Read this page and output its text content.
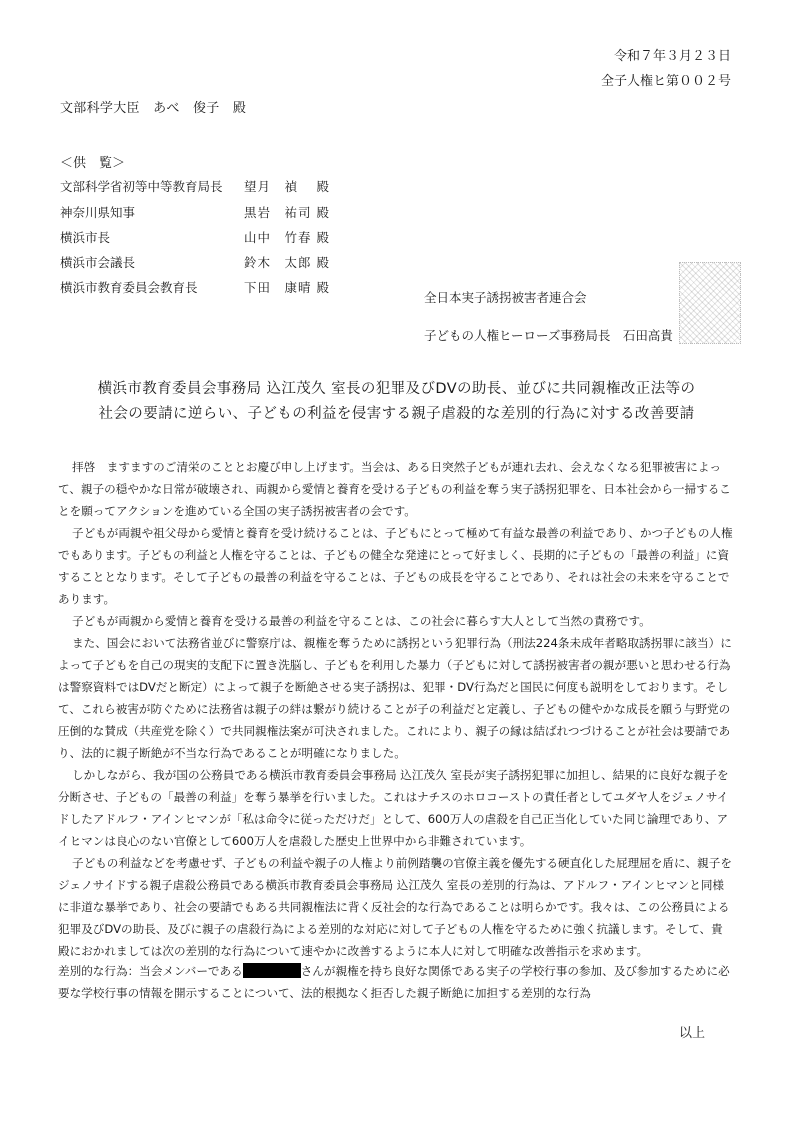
令和７年３月２３日
全子人権ヒ第００２号
文部科学大臣　あべ　俊子　殿
＜供　覧＞
文部科学省初等中等教育局長 望月　禎　 殿
神奈川県知事	黒岩　祐司 殿
横浜市長	山中　竹春 殿
横浜市会議長	鈴木　太郎 殿
横浜市教育委員会教育長	下田　康晴 殿
全日本実子誘拐被害者連合会
子どもの人権ヒーローズ事務局長　石田高貴
横浜市教育委員会事務局 込江茂久 室長の犯罪及びDVの助長、並びに共同親権改正法等の
社会の要請に逆らい、子どもの利益を侵害する親子虐殺的な差別的行為に対する改善要請

拝啓　ますますのご清栄のこととお慶び申し上げます。当会は、ある日突然子どもが連れ去れ、会えなくなる犯罪被害によって、親子の穏やかな日常が破壊され、両親から愛情と養育を受ける子どもの利益を奪う実子誘拐犯罪を、日本社会から一掃することを願ってアクションを進めている全国の実子誘拐被害者の会です。

子どもが両親や祖父母から愛情と養育を受け続けることは、子どもにとって極めて有益な最善の利益であり、かつ子どもの人権でもあります。子どもの利益と人権を守ることは、子どもの健全な発達にとって好ましく、長期的に子どもの「最善の利益」に資することとなります。そして子どもの最善の利益を守ることは、子どもの成長を守ることであり、それは社会の未来を守ることであります。

子どもが両親から愛情と養育を受ける最善の利益を守ることは、この社会に暮らす大人として当然の責務です。

また、国会において法務省並びに警察庁は、親権を奪うために誘拐という犯罪行為（刑法224条未成年者略取誘拐罪に該当）によって子どもを自己の現実的支配下に置き洗脳し、子どもを利用した暴力（子どもに対して誘拐被害者の親が悪いと思わせる行為は警察資料ではDVだと断定）によって親子を断絶させる実子誘拐は、犯罪・DV行為だと国民に何度も説明をしております。そして、これら被害が防ぐために法務省は親子の絆は繋がり続けることが子の利益だと定義し、子どもの健やかな成長を願う与野党の圧倒的な賛成（共産党を除く）で共同親権法案が可決されました。これにより、親子の縁は結ばれつづけることが社会は要請であり、法的に親子断絶が不当な行為であることが明確になりました。

しかしながら、我が国の公務員である横浜市教育委員会事務局 込江茂久 室長が実子誘拐犯罪に加担し、結果的に良好な親子を分断させ、子どもの「最善の利益」を奪う暴挙を行いました。これはナチスのホロコーストの責任者としてユダヤ人をジェノサイドしたアドルフ・アインヒマンが「私は命令に従っただけだ」として、600万人の虐殺を自己正当化していた同じ論理であり、アイヒマンは良心のない官僚として600万人を虐殺した歴史上世界中から非難されています。

子どもの利益などを考慮せず、子どもの利益や親子の人権より前例踏襲の官僚主義を優先する硬直化した屁理屈を盾に、親子をジェノサイドする親子虐殺公務員である横浜市教育委員会事務局 込江茂久 室長の差別的行為は、アドルフ・アインヒマンと同様に非道な暴挙であり、社会の要請でもある共同親権法に背く反社会的な行為であることは明らかです。我々は、この公務員による犯罪及びDVの助長、及びに親子の虐殺行為による差別的な対応に対して子どもの人権を守るために強く抗議します。そして、貴殿におかれましては次の差別的な行為について速やかに改善するように本人に対して明確な改善指示を求めます。

差別的な行為：当会メンバーである	さんが親権を持ち良好な関係である実子の学校行事の参加、及び参加するために必要な学校行事の情報を開示することについて、法的根拠なく拒否した親子断絶に加担する差別的な行為

以上
